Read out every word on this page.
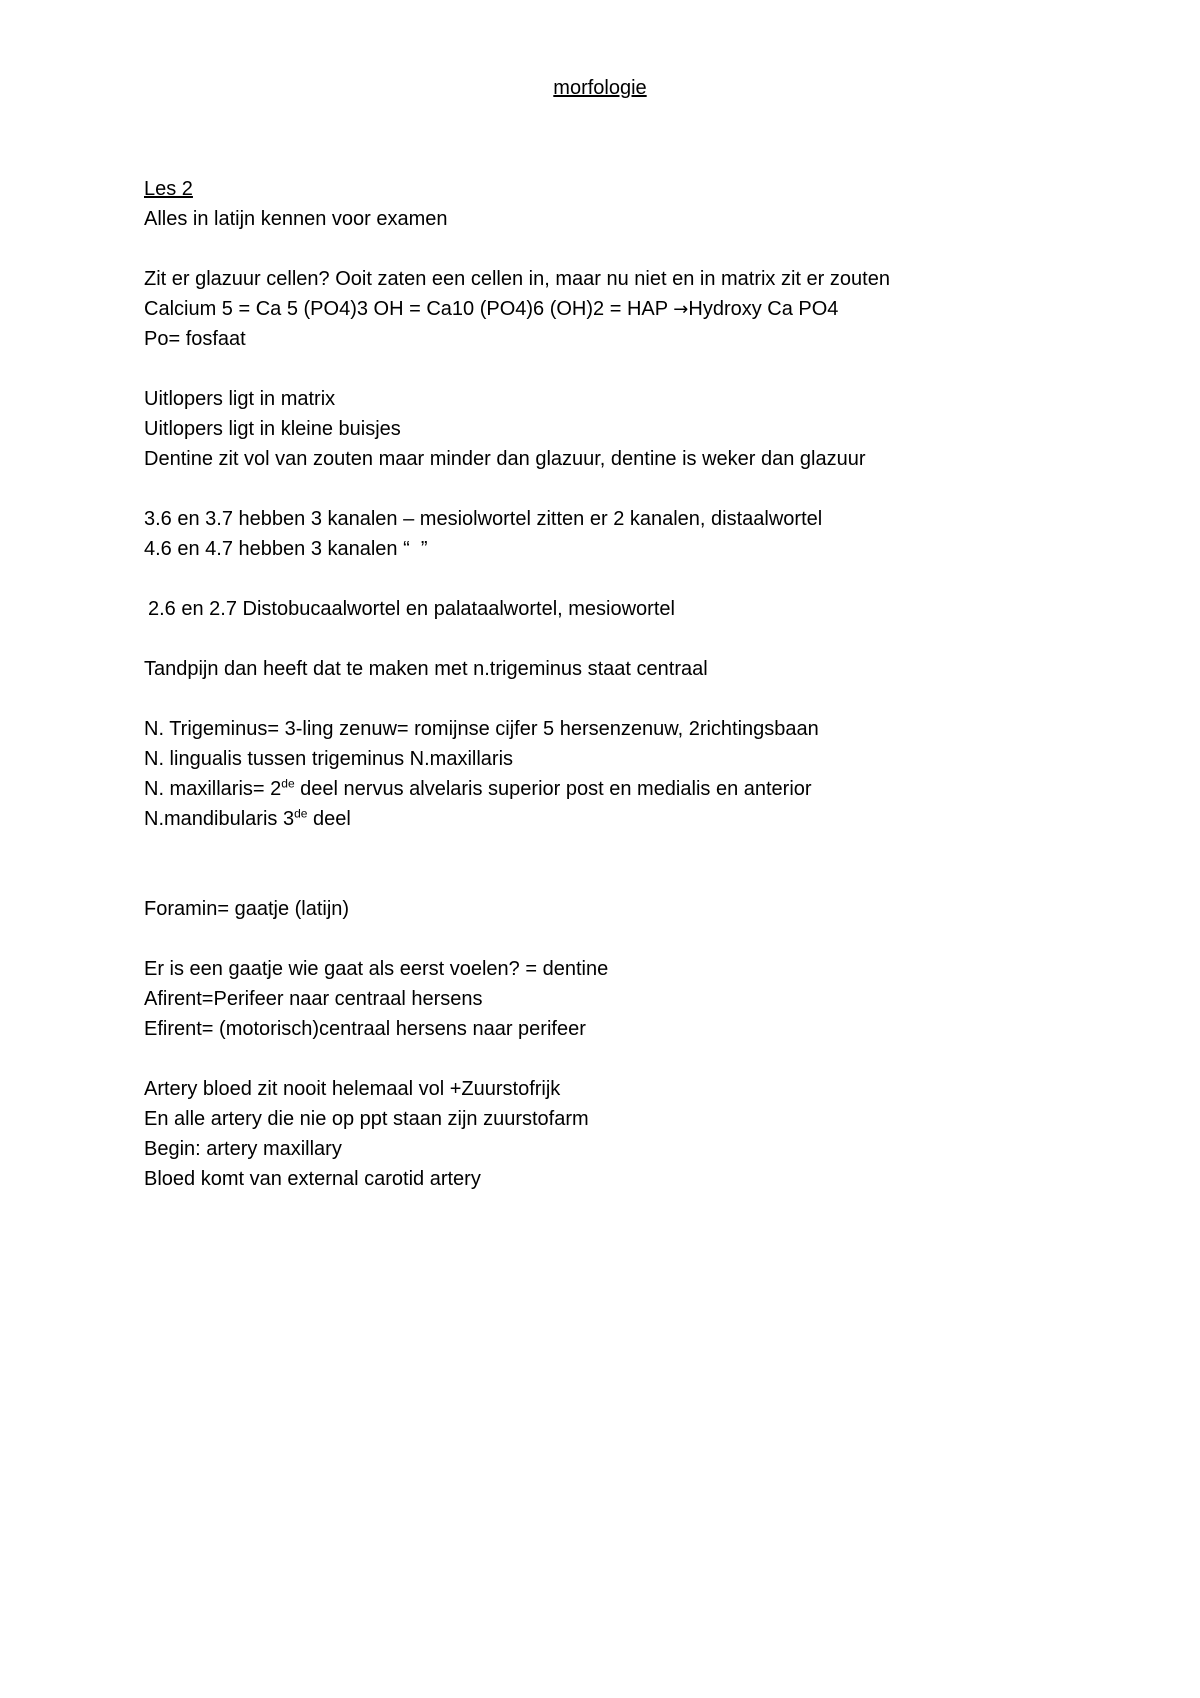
morfologie
Les 2
Alles in latijn kennen voor examen
Zit er glazuur cellen? Ooit zaten een cellen in, maar nu niet en in matrix zit er zouten
Calcium 5 = Ca 5 (PO4)3 OH = Ca10 (PO4)6 (OH)2 = HAP →Hydroxy Ca PO4
Po= fosfaat
Uitlopers ligt in matrix
Uitlopers ligt in kleine buisjes
Dentine zit vol van zouten maar minder dan glazuur, dentine is weker dan glazuur
3.6 en 3.7 hebben 3 kanalen – mesiolwortel zitten er 2 kanalen, distaalwortel
4.6 en 4.7 hebben 3 kanalen “  ”
2.6 en 2.7 Distobucaalwortel en palataalwortel, mesiowortel
Tandpijn dan heeft dat te maken met n.trigeminus staat centraal
N. Trigeminus= 3-ling zenuw= romijnse cijfer 5 hersenzenuw, 2richtingsbaan
N. lingualis tussen trigeminus N.maxillaris
N. maxillaris= 2de deel nervus alvelaris superior post en medialis en anterior
N.mandibularis 3de deel
Foramin= gaatje (latijn)
Er is een gaatje wie gaat als eerst voelen? = dentine
Afirent=Perifeer naar centraal hersens
Efirent= (motorisch)centraal hersens naar perifeer
Artery bloed zit nooit helemaal vol +Zuurstofrijk
En alle artery die nie op ppt staan zijn zuurstofarm
Begin: artery maxillary
Bloed komt van external carotid artery
